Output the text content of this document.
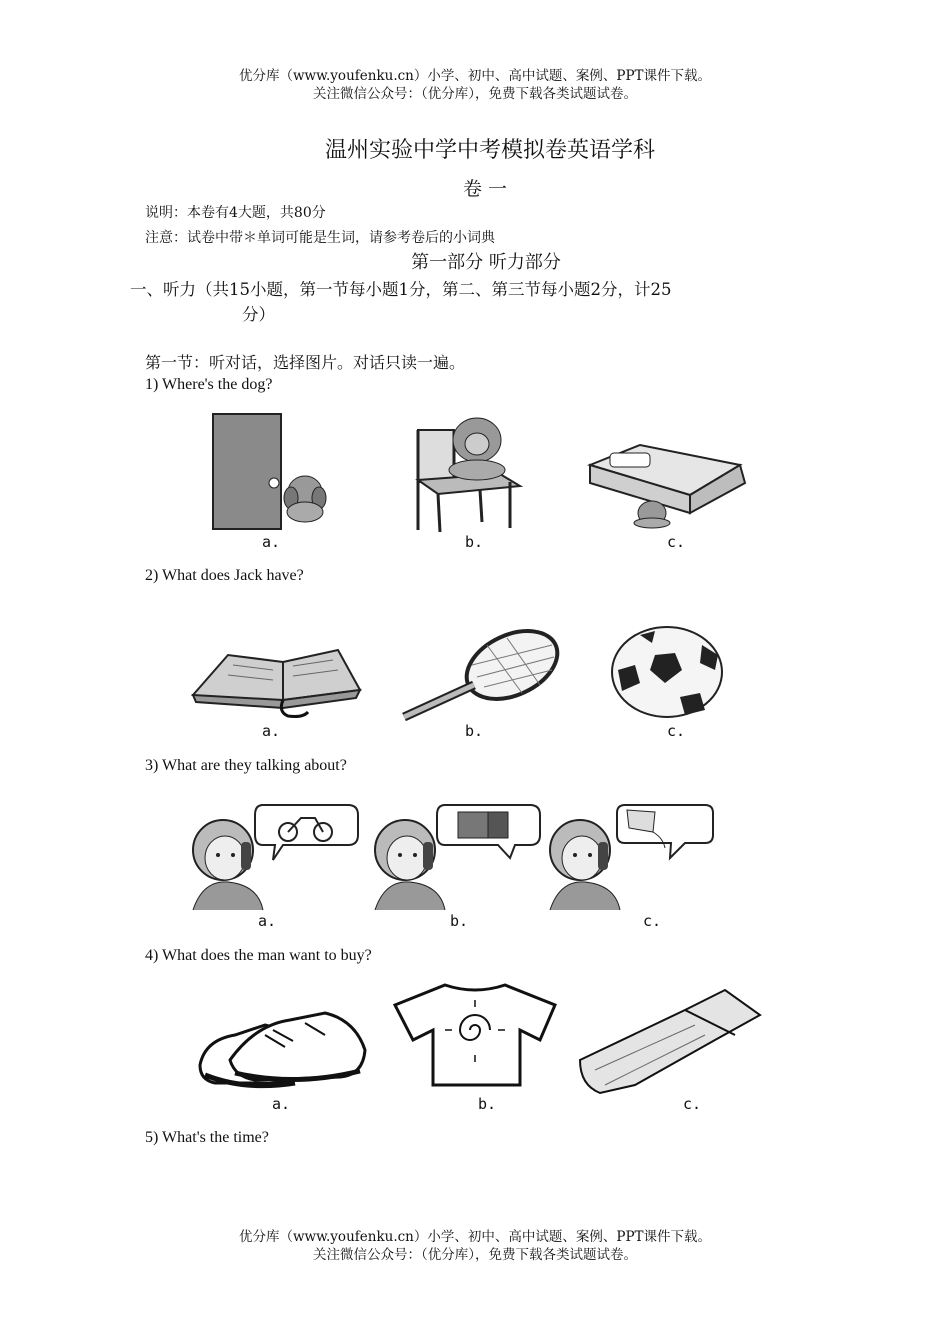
优分库（www.youfenku.cn）小学、初中、高中试题、案例、PPT课件下载。
关注微信公众号：（优分库），免费下载各类试题试卷。
温州实验中学中考模拟卷英语学科
卷 一
说明：本卷有4大题，共80分
注意：试卷中带＊单词可能是生词，请参考卷后的小词典
第一部分 听力部分
一、听力（共15小题，第一节每小题1分，第二、第三节每小题2分，计25
分）
第一节：听对话，选择图片。对话只读一遍。
1) Where's the dog?
a.	b.	c.
2) What does Jack have?
a.	b.	c.
3) What are they talking about?
a.	b.	c.
4) What does the man want to buy?
a.	b.	c.
5) What's the time?
优分库（www.youfenku.cn）小学、初中、高中试题、案例、PPT课件下载。
关注微信公众号：（优分库），免费下载各类试题试卷。
